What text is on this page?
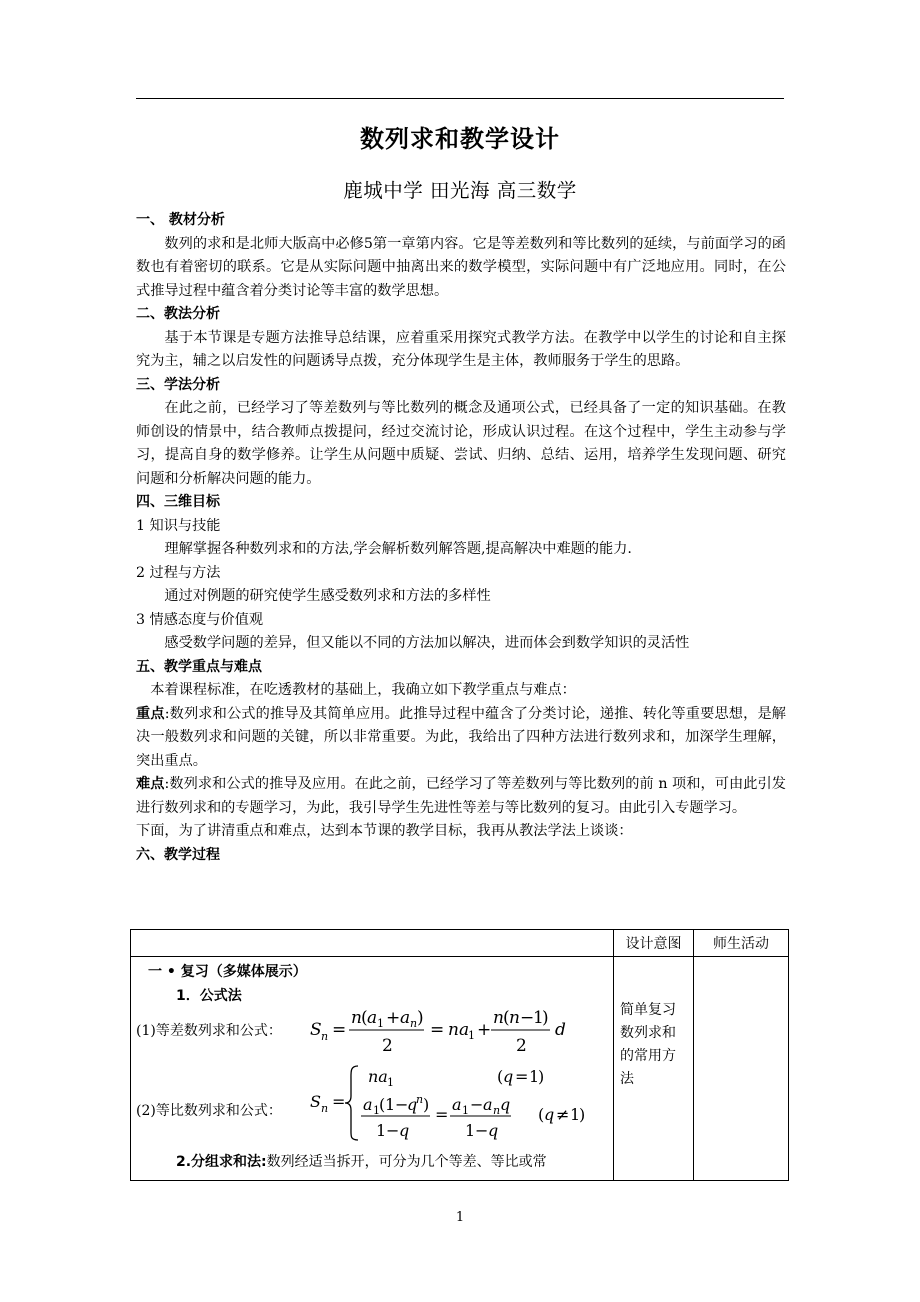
数列求和教学设计
鹿城中学 田光海 高三数学
一、 教材分析

数列的求和是北师大版高中必修5第一章第内容。它是等差数列和等比数列的延续，与前面学习的函数也有着密切的联系。它是从实际问题中抽离出来的数学模型，实际问题中有广泛地应用。同时，在公式推导过程中蕴含着分类讨论等丰富的数学思想。

二、教法分析

基于本节课是专题方法推导总结课，应着重采用探究式教学方法。在教学中以学生的讨论和自主探究为主，辅之以启发性的问题诱导点拨，充分体现学生是主体，教师服务于学生的思路。

三、学法分析

在此之前，已经学习了等差数列与等比数列的概念及通项公式，已经具备了一定的知识基础。在教师创设的情景中，结合教师点拨提问，经过交流讨论，形成认识过程。在这个过程中，学生主动参与学习，提高自身的数学修养。让学生从问题中质疑、尝试、归纳、总结、运用，培养学生发现问题、研究问题和分析解决问题的能力。

四、三维目标

1 知识与技能

理解掌握各种数列求和的方法,学会解析数列解答题,提高解决中难题的能力.

2 过程与方法

通过对例题的研究使学生感受数列求和方法的多样性

3 情感态度与价值观

感受数学问题的差异，但又能以不同的方法加以解决，进而体会到数学知识的灵活性

五、教学重点与难点

本着课程标准，在吃透教材的基础上，我确立如下教学重点与难点：

重点:数列求和公式的推导及其简单应用。此推导过程中蕴含了分类讨论，递推、转化等重要思想，是解决一般数列求和问题的关键，所以非常重要。为此，我给出了四种方法进行数列求和，加深学生理解，突出重点。

难点:数列求和公式的推导及应用。在此之前，已经学习了等差数列与等比数列的前 n 项和，可由此引发进行数列求和的专题学习，为此，我引导学生先进性等差与等比数列的复习。由此引入专题学习。

下面，为了讲清重点和难点，达到本节课的教学目标，我再从教法学法上谈谈：

六、教学过程
设计意图	师生活动
一 • 复习（多媒体展示）
1．公式法
(1)等差数列求和公式： S n =
n ( a 1 + a n )
2
= na
1 +
n ( n −
1
)
2
d
(2)等比数列求和公式： S n =
na 1	( q = 1
)
a 1 ( 1 −
q
n )
1 − q
=
a 1 − a n q
1 − q
( q ≠ 1
)
2.分组求和法:数列经适当拆开，可分为几个等差、等比或常
简单复习数列求和的常用方法
1
